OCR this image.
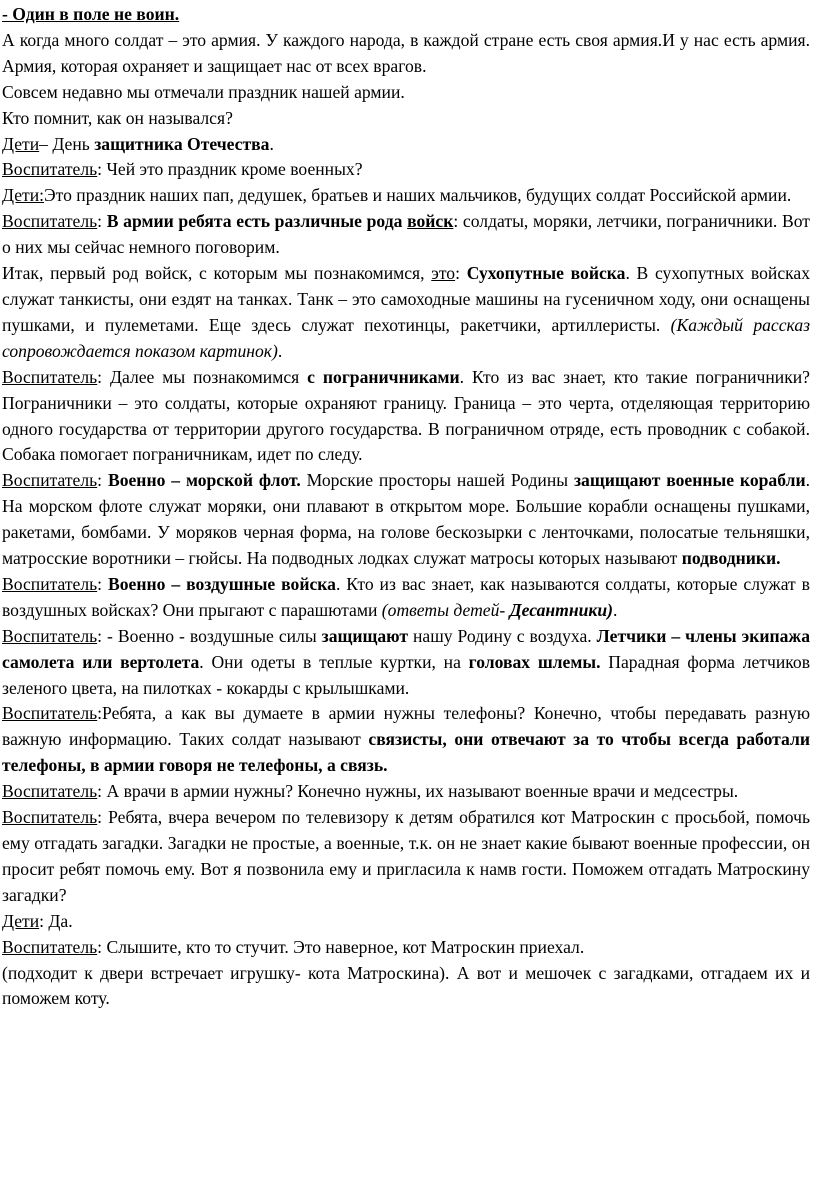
- Один в поле не воин.

А когда много солдат – это армия. У каждого народа, в каждой стране есть своя армия.И у нас есть армия. Армия, которая охраняет и защищает нас от всех врагов.

Совсем недавно мы отмечали праздник нашей армии.

Кто помнит, как он назывался?

Дети– День защитника Отечества.

Воспитатель: Чей это праздник кроме военных?

Дети:Это праздник наших пап, дедушек, братьев и наших мальчиков, будущих солдат Российской армии.

Воспитатель: В армии ребята есть различные рода войск: солдаты, моряки, летчики, пограничники. Вот о них мы сейчас немного поговорим.

Итак, первый род войск, с которым мы познакомимся, это: Сухопутные войска. В сухопутных войсках служат танкисты, они ездят на танках. Танк – это самоходные машины на гусеничном ходу, они оснащены пушками, и пулеметами. Еще здесь служат пехотинцы, ракетчики, артиллеристы. (Каждый рассказ сопровождается показом картинок).

Воспитатель: Далее мы познакомимся с пограничниками. Кто из вас знает, кто такие пограничники? Пограничники – это солдаты, которые охраняют границу. Граница – это черта, отделяющая территорию одного государства от территории другого государства. В пограничном отряде, есть проводник с собакой. Собака помогает пограничникам, идет по следу.

Воспитатель: Военно – морской флот. Морские просторы нашей Родины защищают военные корабли. На морском флоте служат моряки, они плавают в открытом море. Большие корабли оснащены пушками, ракетами, бомбами. У моряков черная форма, на голове бескозырки с ленточками, полосатые тельняшки, матросские воротники – гюйсы. На подводных лодках служат матросы которых называют подводники.

Воспитатель: Военно – воздушные войска. Кто из вас знает, как называются солдаты, которые служат в воздушных войсках? Они прыгают с парашютами (ответы детей- Десантники).

Воспитатель: - Военно - воздушные силы защищают нашу Родину с воздуха. Летчики – члены экипажа самолета или вертолета. Они одеты в теплые куртки, на головах шлемы. Парадная форма летчиков зеленого цвета, на пилотках - кокарды с крылышками.

Воспитатель:Ребята, а как вы думаете в армии нужны телефоны? Конечно, чтобы передавать разную важную информацию. Таких солдат называют связисты, они отвечают за то чтобы всегда работали телефоны, в армии говоря не телефоны, а связь.

Воспитатель: А врачи в армии нужны? Конечно нужны, их называют военные врачи и медсестры.

Воспитатель: Ребята, вчера вечером по телевизору к детям обратился кот Матроскин с просьбой, помочь ему отгадать загадки. Загадки не простые, а военные, т.к. он не знает какие бывают военные профессии, он просит ребят помочь ему. Вот я позвонила ему и пригласила к намв гости. Поможем отгадать Матроскину загадки?

Дети: Да.

Воспитатель: Слышите, кто то стучит. Это наверное, кот Матроскин приехал.

(подходит к двери встречает игрушку- кота Матроскина). А вот и мешочек с загадками, отгадаем их и поможем коту.
